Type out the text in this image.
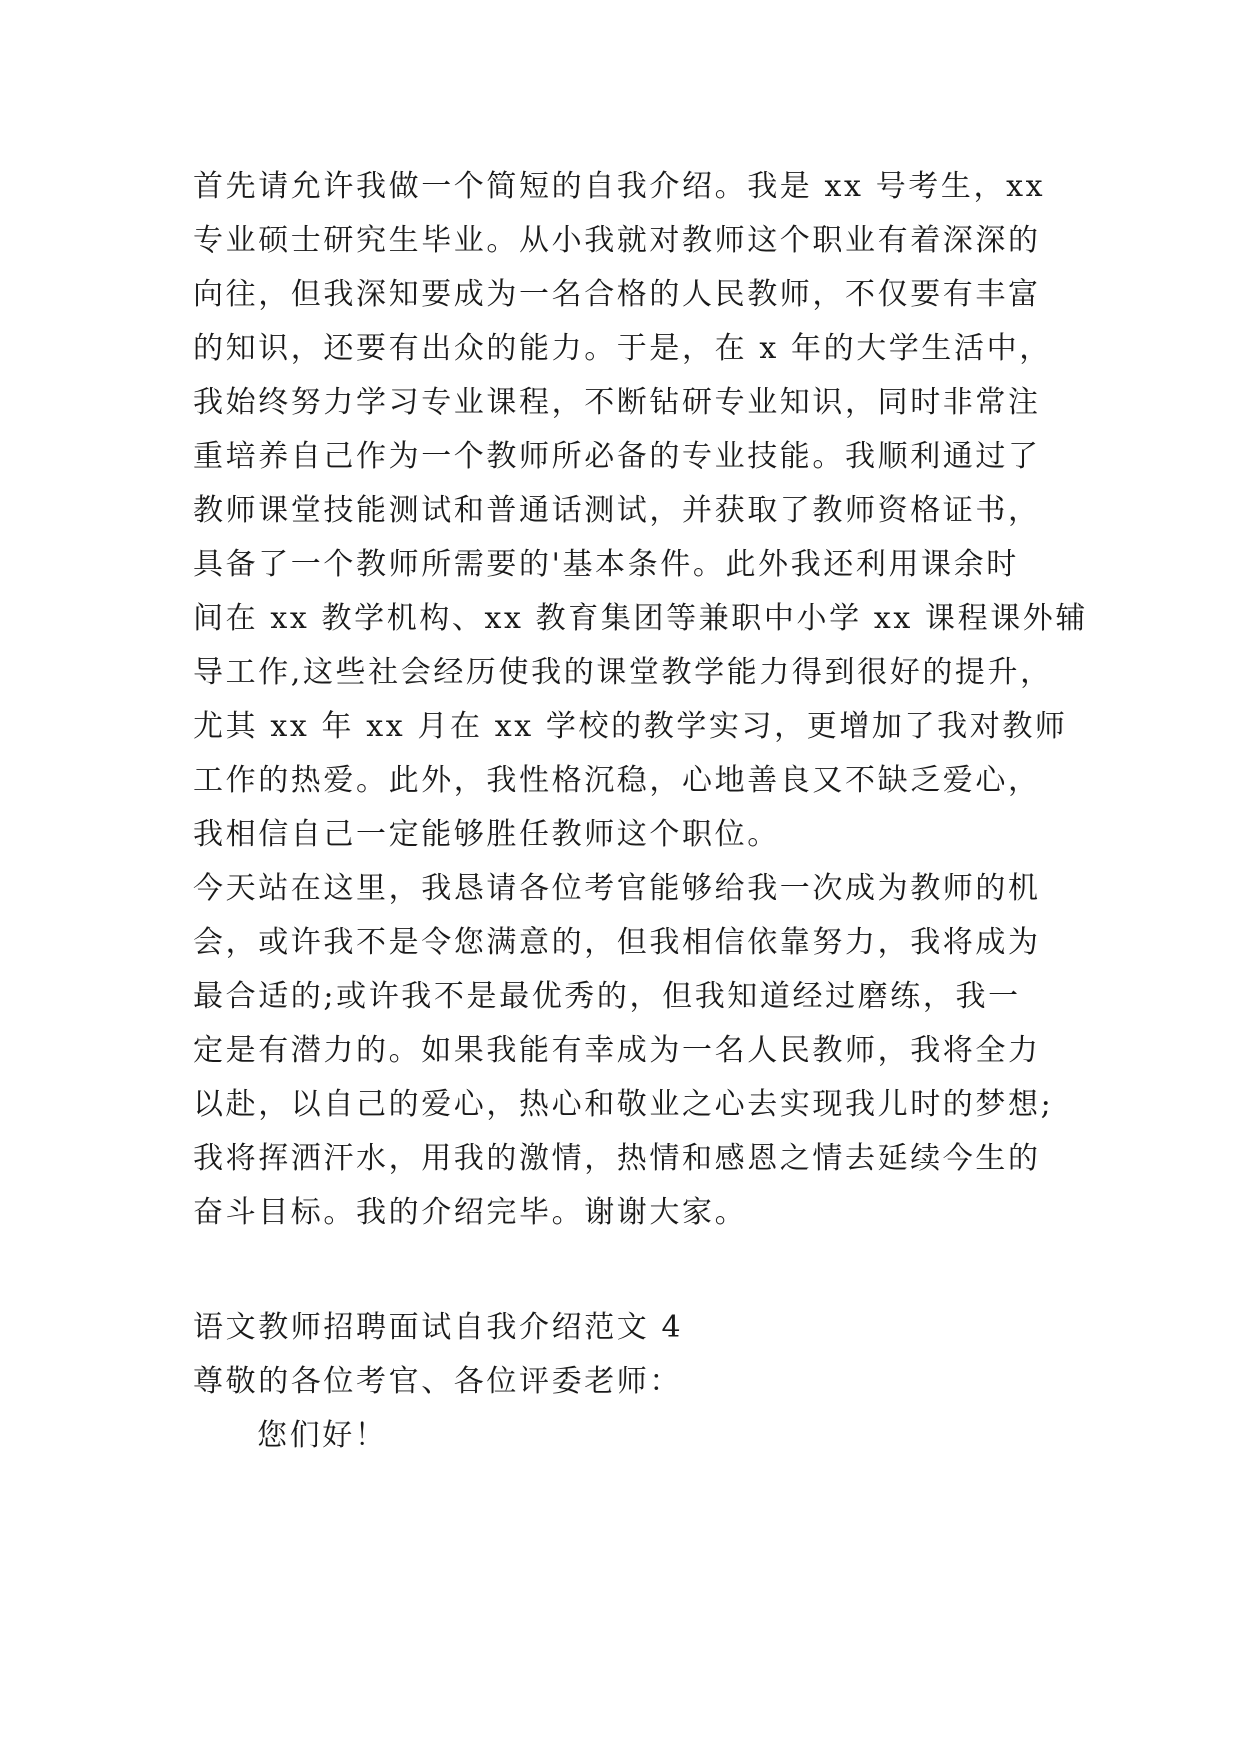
首先请允许我做一个简短的自我介绍。我是 xx 号考生，xx
专业硕士研究生毕业。从小我就对教师这个职业有着深深的
向往，但我深知要成为一名合格的人民教师，不仅要有丰富
的知识，还要有出众的能力。于是，在 x 年的大学生活中，
我始终努力学习专业课程，不断钻研专业知识，同时非常注
重培养自己作为一个教师所必备的专业技能。我顺利通过了
教师课堂技能测试和普通话测试，并获取了教师资格证书，
具备了一个教师所需要的'基本条件。此外我还利用课余时
间在 xx 教学机构、xx 教育集团等兼职中小学 xx 课程课外辅
导工作,这些社会经历使我的课堂教学能力得到很好的提升，
尤其 xx 年 xx 月在 xx 学校的教学实习，更增加了我对教师
工作的热爱。此外，我性格沉稳，心地善良又不缺乏爱心，
我相信自己一定能够胜任教师这个职位。
今天站在这里，我恳请各位考官能够给我一次成为教师的机
会，或许我不是令您满意的，但我相信依靠努力，我将成为
最合适的;或许我不是最优秀的，但我知道经过磨练，我一
定是有潜力的。如果我能有幸成为一名人民教师，我将全力
以赴，以自己的爱心，热心和敬业之心去实现我儿时的梦想;
我将挥洒汗水，用我的激情，热情和感恩之情去延续今生的
奋斗目标。我的介绍完毕。谢谢大家。
语文教师招聘面试自我介绍范文 4
尊敬的各位考官、各位评委老师：
您们好！
